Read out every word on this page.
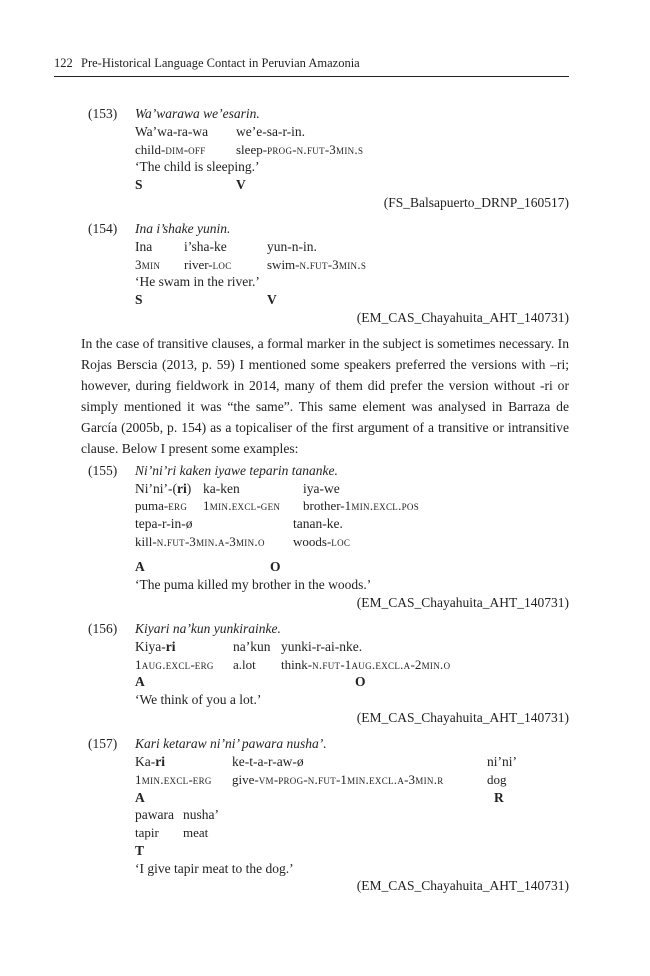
122 Pre-Historical Language Contact in Peruvian Amazonia
(153) Wa’warawa we’esarin.
Wa’wa-ra-wa we’e-sa-r-in.
child-dim-off sleep-prog-n.fut-3min.s
‘The child is sleeping.’
S	V
(FS_Balsapuerto_DRNP_160517)
(154) Ina i’shake yunin.
Ina i’sha-ke	yun-n-in.
3min river-loc	swim-n.fut-3min.s
‘He swam in the river.’
S	V
(EM_CAS_Chayahuita_AHT_140731)
In the case of transitive clauses, a formal marker in the subject is sometimes necessary. In Rojas Berscia (2013, p. 59) I mentioned some speakers preferred the versions with –ri; however, during fieldwork in 2014, many of them did prefer the version without -ri or simply mentioned it was “the same”. This same element was analysed in Barraza de García (2005b, p. 154) as a topicaliser of the first argument of a transitive or intransitive clause. Below I present some examples:
(155) Ni’ni’ri kaken iyawe teparin tananke.
Ni’ni’-(ri) ka-ken	iya-we
puma-erg 1min.excl-gen brother-1min.excl.pos
tepa-r-in-ø	tanan-ke.
kill-n.fut-3min.a-3min.o woods-loc
A	O
‘The puma killed my brother in the woods.’
(EM_CAS_Chayahuita_AHT_140731)
(156) Kiyari na’kun yunkirainke.
Kiya-ri	na’kun yunki-r-ai-nke.
1aug.excl-erg a.lot think-n.fut-1aug.excl.a-2min.o
A	O
‘We think of you a lot.’
(EM_CAS_Chayahuita_AHT_140731)
(157) Kari ketaraw ni’ni’ pawara nusha’.
Ka-ri	ke-t-a-r-aw-ø	ni’ni’
1min.excl-erg give-vm-prog-n.fut-1min.excl.a-3min.r	dog
A	R
pawara nusha’
tapir meat
T
‘I give tapir meat to the dog.’
(EM_CAS_Chayahuita_AHT_140731)
